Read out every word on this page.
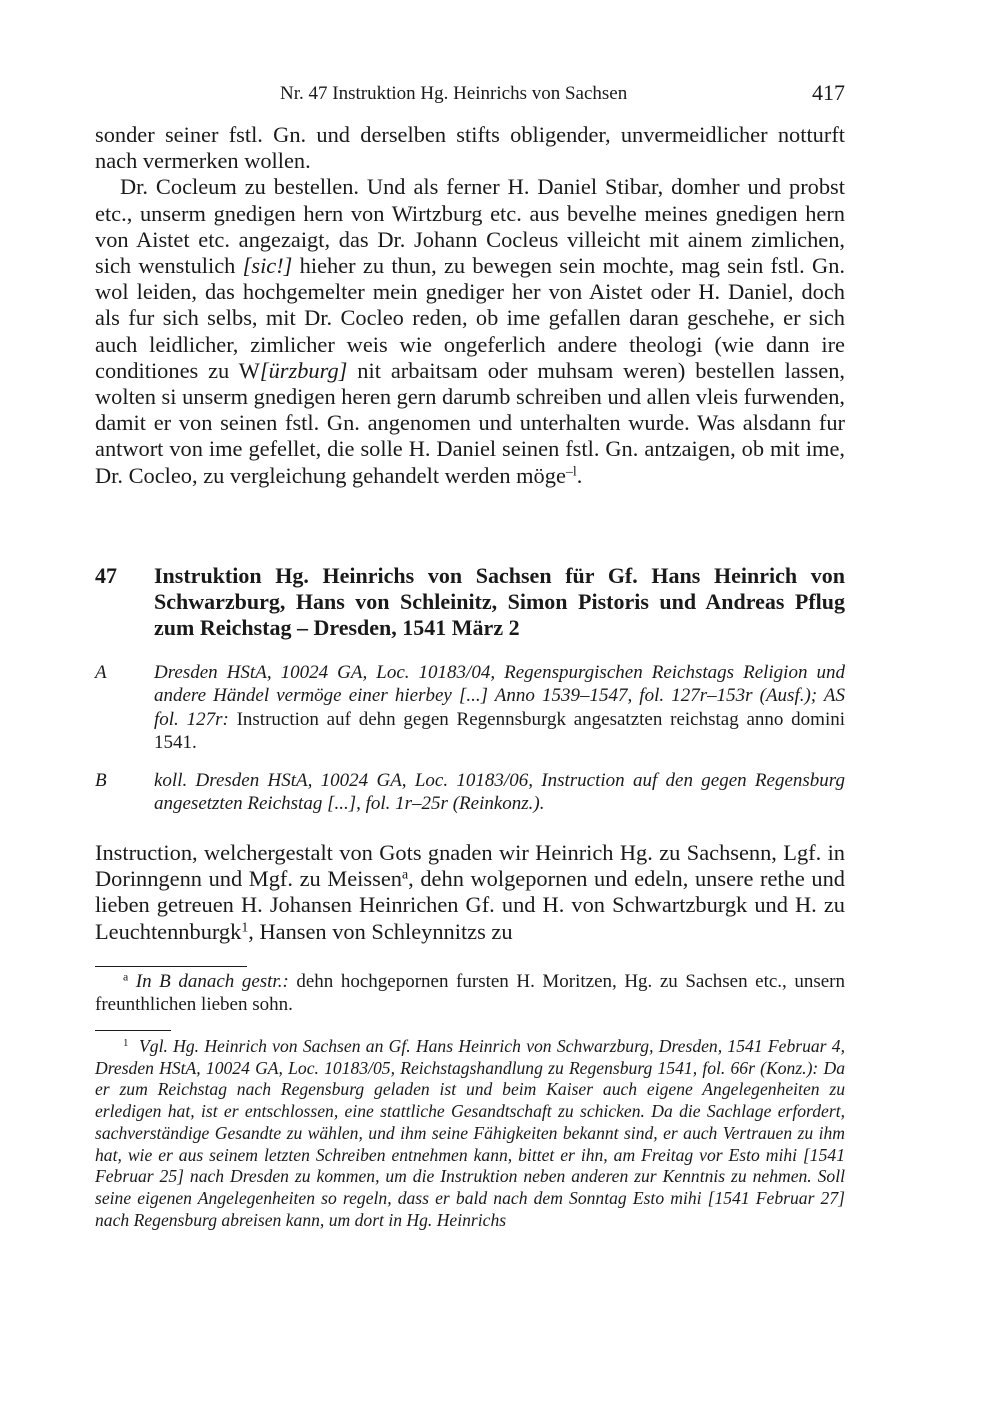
Nr. 47 Instruktion Hg. Heinrichs von Sachsen	417

sonder seiner fstl. Gn. und derselben stifts obligender, unvermeidlicher notturft nach vermerken wollen.

Dr. Cocleum zu bestellen. Und als ferner H. Daniel Stibar, domher und probst etc., unserm gnedigen hern von Wirtzburg etc. aus bevelhe meines gnedigen hern von Aistet etc. angezaigt, das Dr. Johann Cocleus villeicht mit ainem zimlichen, sich wenstulich [sic!] hieher zu thun, zu bewegen sein mochte, mag sein fstl. Gn. wol leiden, das hochgemelter mein gnediger her von Aistet oder H. Daniel, doch als fur sich selbs, mit Dr. Cocleo reden, ob ime gefallen daran geschehe, er sich auch leidlicher, zimlicher weis wie ongeferlich andere theologi (wie dann ire conditiones zu W[ürzburg] nit arbaitsam oder muhsam weren) bestellen lassen, wolten si unserm gnedigen heren gern darumb schreiben und allen vleis furwenden, damit er von seinen fstl. Gn. angenomen und unterhalten wurde. Was alsdann fur antwort von ime gefellet, die solle H. Daniel seinen fstl. Gn. antzaigen, ob mit ime, Dr. Cocleo, zu vergleichung gehandelt werden möge$^{-l}$.

47 Instruktion Hg. Heinrichs von Sachsen für Gf. Hans Heinrich von Schwarzburg, Hans von Schleinitz, Simon Pistoris und Andreas Pflug zum Reichstag – Dresden, 1541 März 2
A Dresden HStA, 10024 GA, Loc. 10183/04, Regenspurgischen Reichstags Religion und andere Händel vermöge einer hierbey [...] Anno 1539–1547, fol. 127r–153r (Ausf.); AS fol. 127r: Instruction auf dehn gegen Regennsburgk angesatzten reichstag anno domini 1541.
B koll. Dresden HStA, 10024 GA, Loc. 10183/06, Instruction auf den gegen Regensburg angesetzten Reichstag [...], fol. 1r–25r (Reinkonz.).

Instruction, welchergestalt von Gots gnaden wir Heinrich Hg. zu Sachsenn, Lgf. in Dorinngenn und Mgf. zu Meissen$^a$, dehn wolgepornen und edeln, unsere rethe und lieben getreuen H. Johansen Heinrichen Gf. und H. von Schwartzburgk und H. zu Leuchtennburgk$^1$, Hansen von Schleynnitzs zu

$^a$ In B danach gestr.: dehn hochgepornen fursten H. Moritzen, Hg. zu Sachsen etc., unsern freunthlichen lieben sohn.

$^1$ Vgl. Hg. Heinrich von Sachsen an Gf. Hans Heinrich von Schwarzburg, Dresden, 1541 Februar 4, Dresden HStA, 10024 GA, Loc. 10183/05, Reichstagshandlung zu Regensburg 1541, fol. 66r (Konz.): Da er zum Reichstag nach Regensburg geladen ist und beim Kaiser auch eigene Angelegenheiten zu erledigen hat, ist er entschlossen, eine stattliche Gesandtschaft zu schicken. Da die Sachlage erfordert, sachverständige Gesandte zu wählen, und ihm seine Fähigkeiten bekannt sind, er auch Vertrauen zu ihm hat, wie er aus seinem letzten Schreiben entnehmen kann, bittet er ihn, am Freitag vor Esto mihi [1541 Februar 25] nach Dresden zu kommen, um die Instruktion neben anderen zur Kenntnis zu nehmen. Soll seine eigenen Angelegenheiten so regeln, dass er bald nach dem Sonntag Esto mihi [1541 Februar 27] nach Regensburg abreisen kann, um dort in Hg. Heinrichs
